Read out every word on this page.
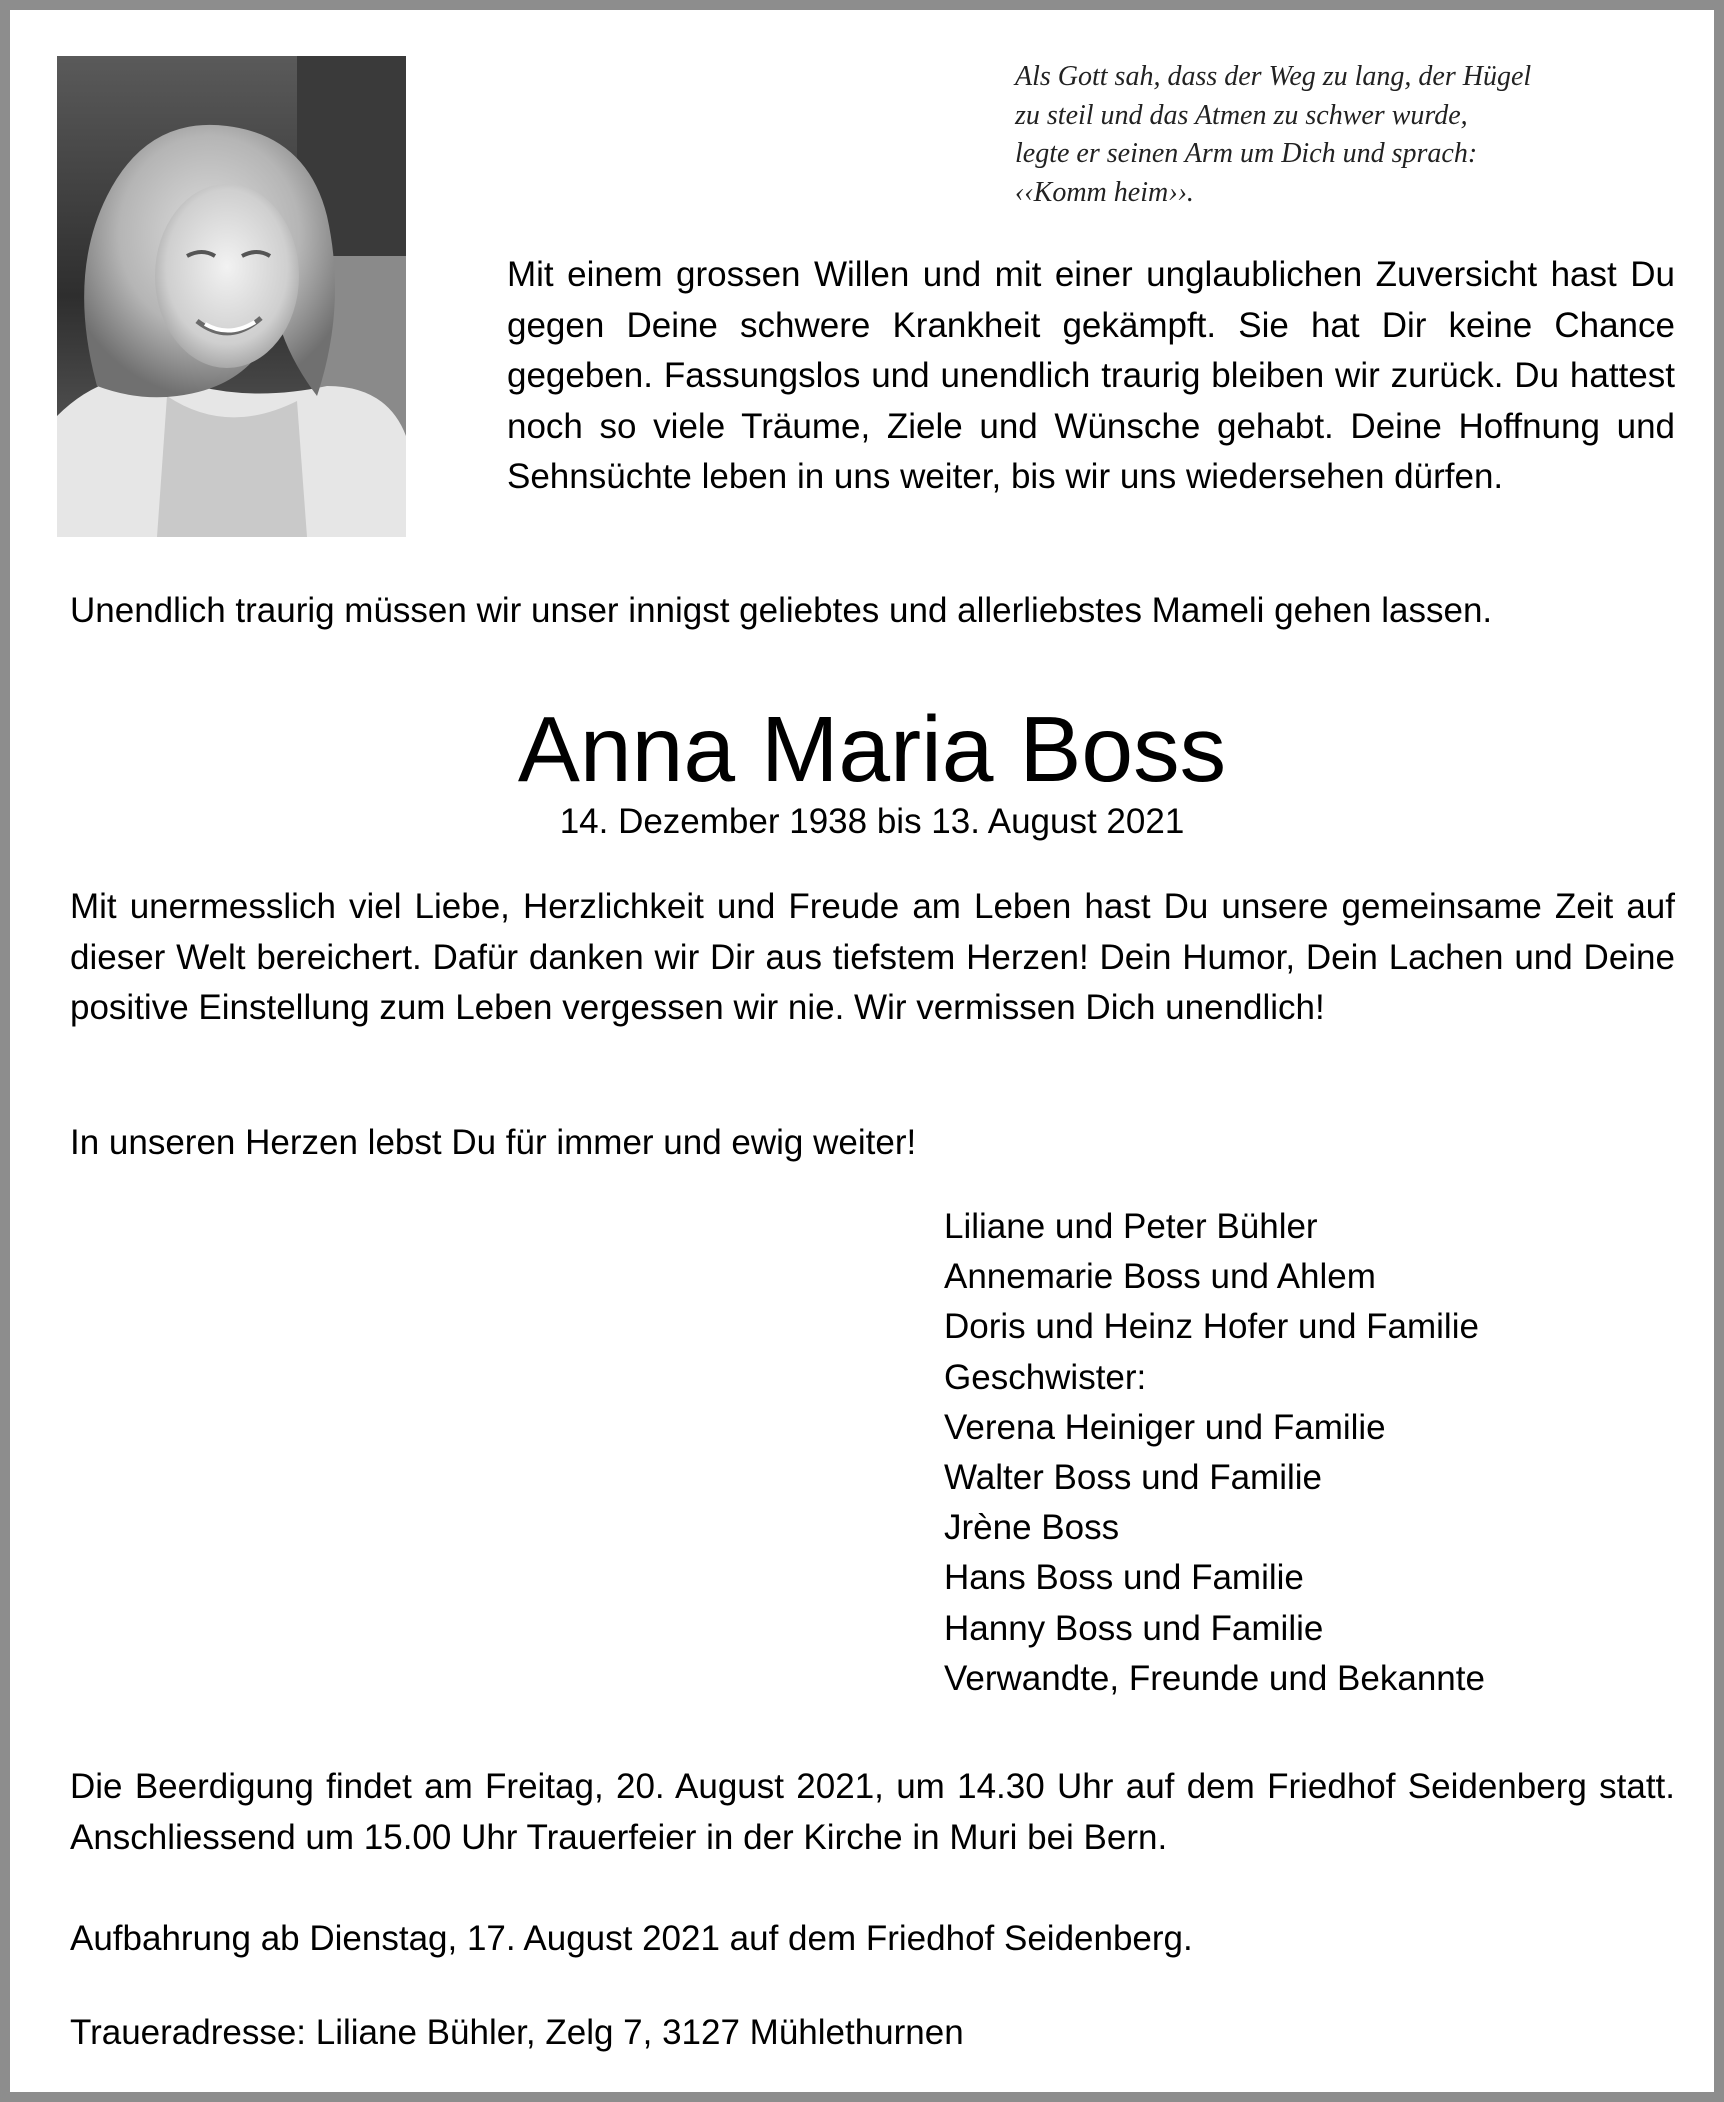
Als Gott sah, dass der Weg zu lang, der Hügel
zu steil und das Atmen zu schwer wurde,
legte er seinen Arm um Dich und sprach:
‹‹Komm heim››.
Mit einem grossen Willen und mit einer unglaublichen Zuversicht hast Du gegen Deine schwere Krankheit gekämpft. Sie hat Dir keine Chance gegeben. Fassungslos und unendlich traurig bleiben wir zurück. Du hattest noch so viele Träume, Ziele und Wünsche gehabt. Deine Hoffnung und Sehnsüchte leben in uns weiter, bis wir uns wiedersehen dürfen.
Unendlich traurig müssen wir unser innigst geliebtes und allerliebstes Mameli gehen lassen.
Anna Maria Boss
14. Dezember 1938 bis 13. August 2021
Mit unermesslich viel Liebe, Herzlichkeit und Freude am Leben hast Du unsere gemeinsame Zeit auf dieser Welt bereichert. Dafür danken wir Dir aus tiefstem Herzen! Dein Humor, Dein Lachen und Deine positive Einstellung zum Leben vergessen wir nie. Wir vermissen Dich unendlich!
In unseren Herzen lebst Du für immer und ewig weiter!
Liliane und Peter Bühler
Annemarie Boss und Ahlem
Doris und Heinz Hofer und Familie
Geschwister:
Verena Heiniger und Familie
Walter Boss und Familie
Jrène Boss
Hans Boss und Familie
Hanny Boss und Familie
Verwandte, Freunde und Bekannte
Die Beerdigung findet am Freitag, 20. August 2021, um 14.30 Uhr auf dem Friedhof Seidenberg statt. Anschliessend um 15.00 Uhr Trauerfeier in der Kirche in Muri bei Bern.
Aufbahrung ab Dienstag, 17. August 2021 auf dem Friedhof Seidenberg.
Traueradresse: Liliane Bühler, Zelg 7, 3127 Mühlethurnen
